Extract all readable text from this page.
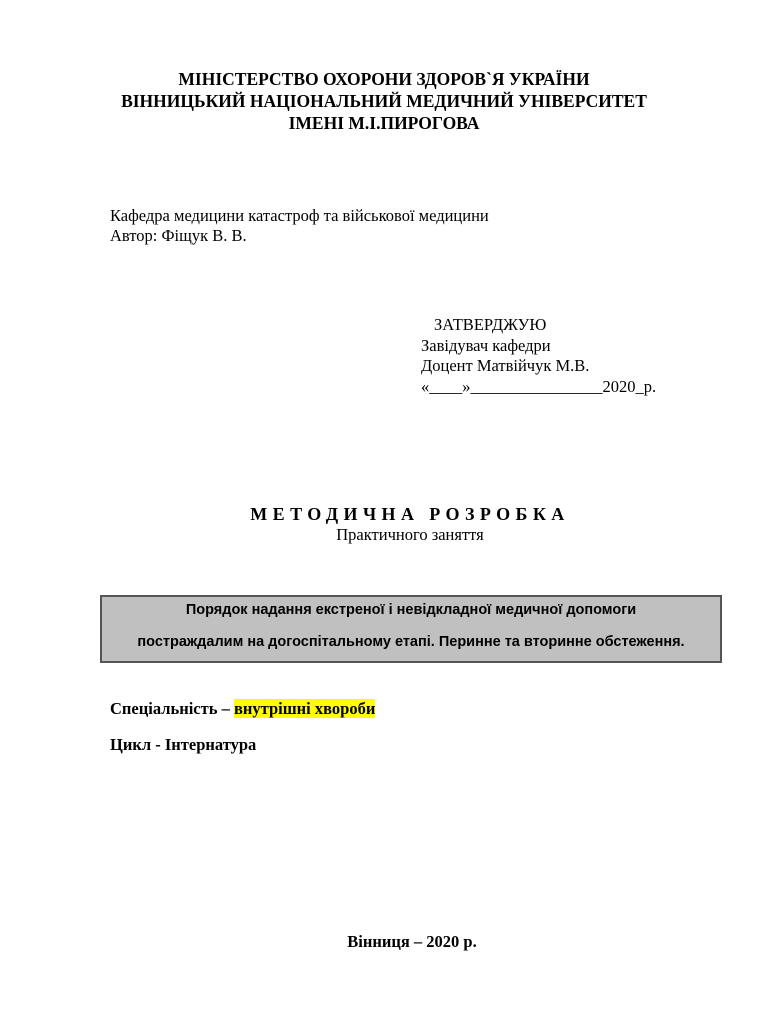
МІНІСТЕРСТВО ОХОРОНИ ЗДОРОВ`Я УКРАЇНИ
ВІННИЦЬКИЙ НАЦІОНАЛЬНИЙ МЕДИЧНИЙ УНІВЕРСИТЕТ
ІМЕНІ М.І.ПИРОГОВА
Кафедра медицини катастроф та військової медицини
Автор: Фіщук В. В.
ЗАТВЕРДЖУЮ
Завідувач кафедри
Доцент Матвійчук М.В.
«____»________________2020_р.
МЕТОДИЧНА РОЗРОБКА
Практичного заняття
Порядок надання екстреної і невідкладної медичної допомоги
постраждалим на догоспітальному етапі. Перинне та вторинне обстеження.
Спеціальність – внутрішні хвороби
Цикл - Інтернатура
Вінниця – 2020 р.
